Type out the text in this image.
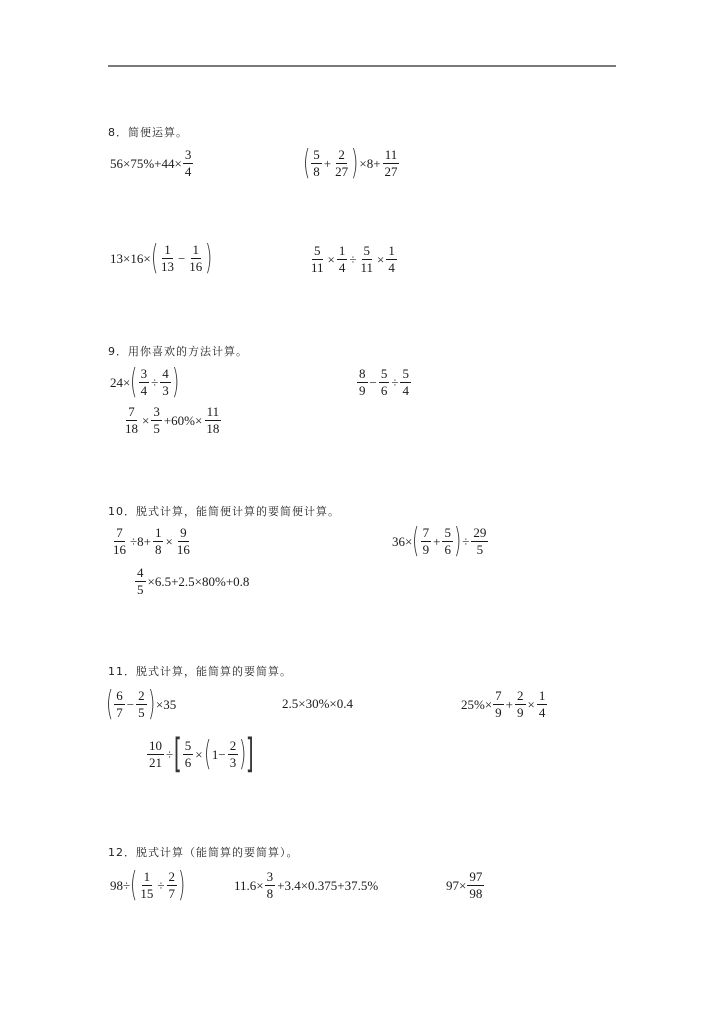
8．简便运算。
$56\times 75\%+44\times \frac{3}{4}$	( $\frac{5}{8} + \frac{2}{27}$ ) $\times 8+ \frac{11}{27}$
13×16× ( $\frac{1}{13} - \frac{1}{16}$ )	$\frac{5}{11} \times \frac{1}{4} \div \frac{5}{11} \times \frac{1}{4}$
9．用你喜欢的方法计算。
24× ( $\frac{3}{4} \div \frac{4}{3}$ )	$\frac{8}{9} - \frac{5}{6} \div \frac{5}{4}$
$\frac{7}{18} \times \frac{3}{5} +60\%\times \frac{11}{18}$
10．脱式计算，能简便计算的要简便计算。
$\frac{7}{16} \div 8+ \frac{1}{8} \times \frac{9}{16}$	36× ( $\frac{7}{9} + \frac{5}{6}$ ) ÷ $\frac{29}{5}$
$\frac{4}{5} \times 6.5+2.5\times 80\%+0.8$
11．脱式计算，能简算的要简算。
( $\frac{6}{7} - \frac{2}{5}$ ) ×35	2.5×30%×0.4	$25\%\times \frac{7}{9} + \frac{2}{9} \times \frac{1}{4}$
$\frac{10}{21}$ ÷ [ $\frac{5}{6}$ × ( $1- \frac{2}{3}$ ) ]
12．脱式计算（能简算的要简算）。
98÷ ( $\frac{1}{15} \div \frac{2}{7}$ )	$11.6\times \frac{3}{8} +3.4\times 0.375+37.5\%$	$97\times \frac{97}{98}$
